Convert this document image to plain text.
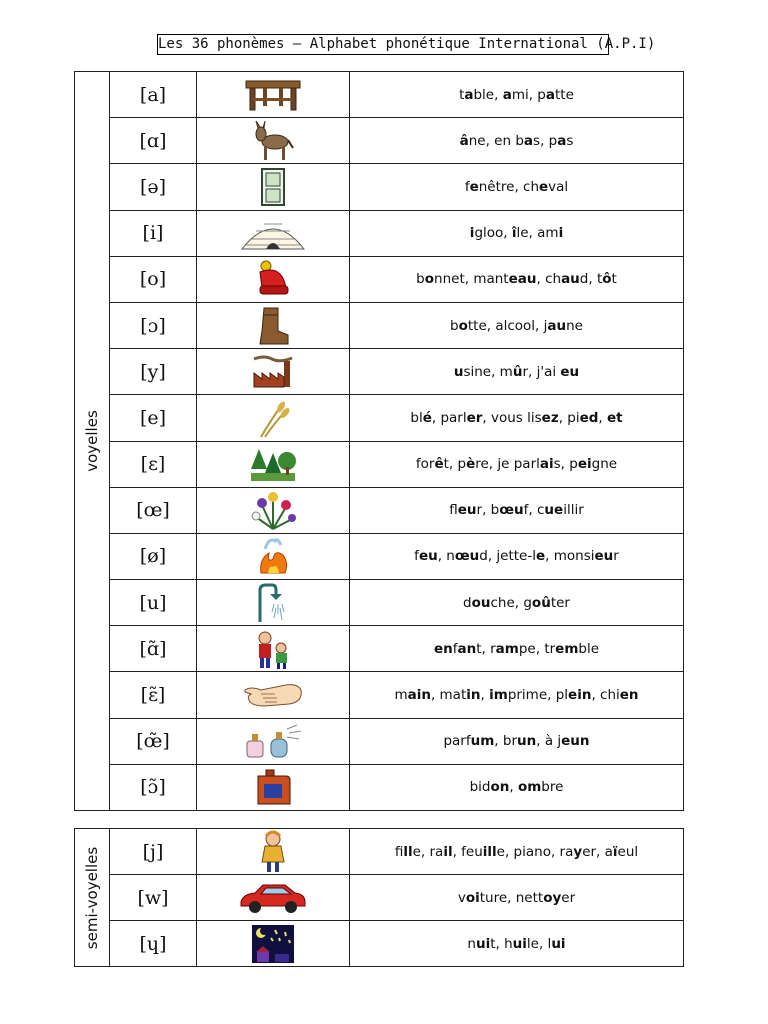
Les 36 phonèmes – Alphabet phonétique International (A.P.I)
voyelles	[a]		table, ami, patte
	[ɑ]		âne, en bas, pas
	[ə]		fenêtre, cheval
	[i]		igloo, île, ami
	[o]		bonnet, manteau, chaud, tôt
	[ɔ]		botte, alcool, jaune
	[y]		usine, mûr, j'ai eu
	[e]		blé, parler, vous lisez, pied, et
	[ɛ]		forêt, père, je parlais, peigne
	[œ]		fleur, bœuf, cueillir
	[ø]		feu, nœud, jette-le, monsieur
	[u]		douche, goûter
	[ɑ̃]		enfant, rampe, tremble
	[ɛ̃]		main, matin, imprime, plein, chien
	[œ̃]		parfum, brun, à jeun
	[ɔ̃]		bidon, ombre
semi-voyelles	[j]		fille, rail, feuille, piano, rayer, aïeul
	[w]		voiture, nettoyer
	[ɥ]		nuit, huile, lui
